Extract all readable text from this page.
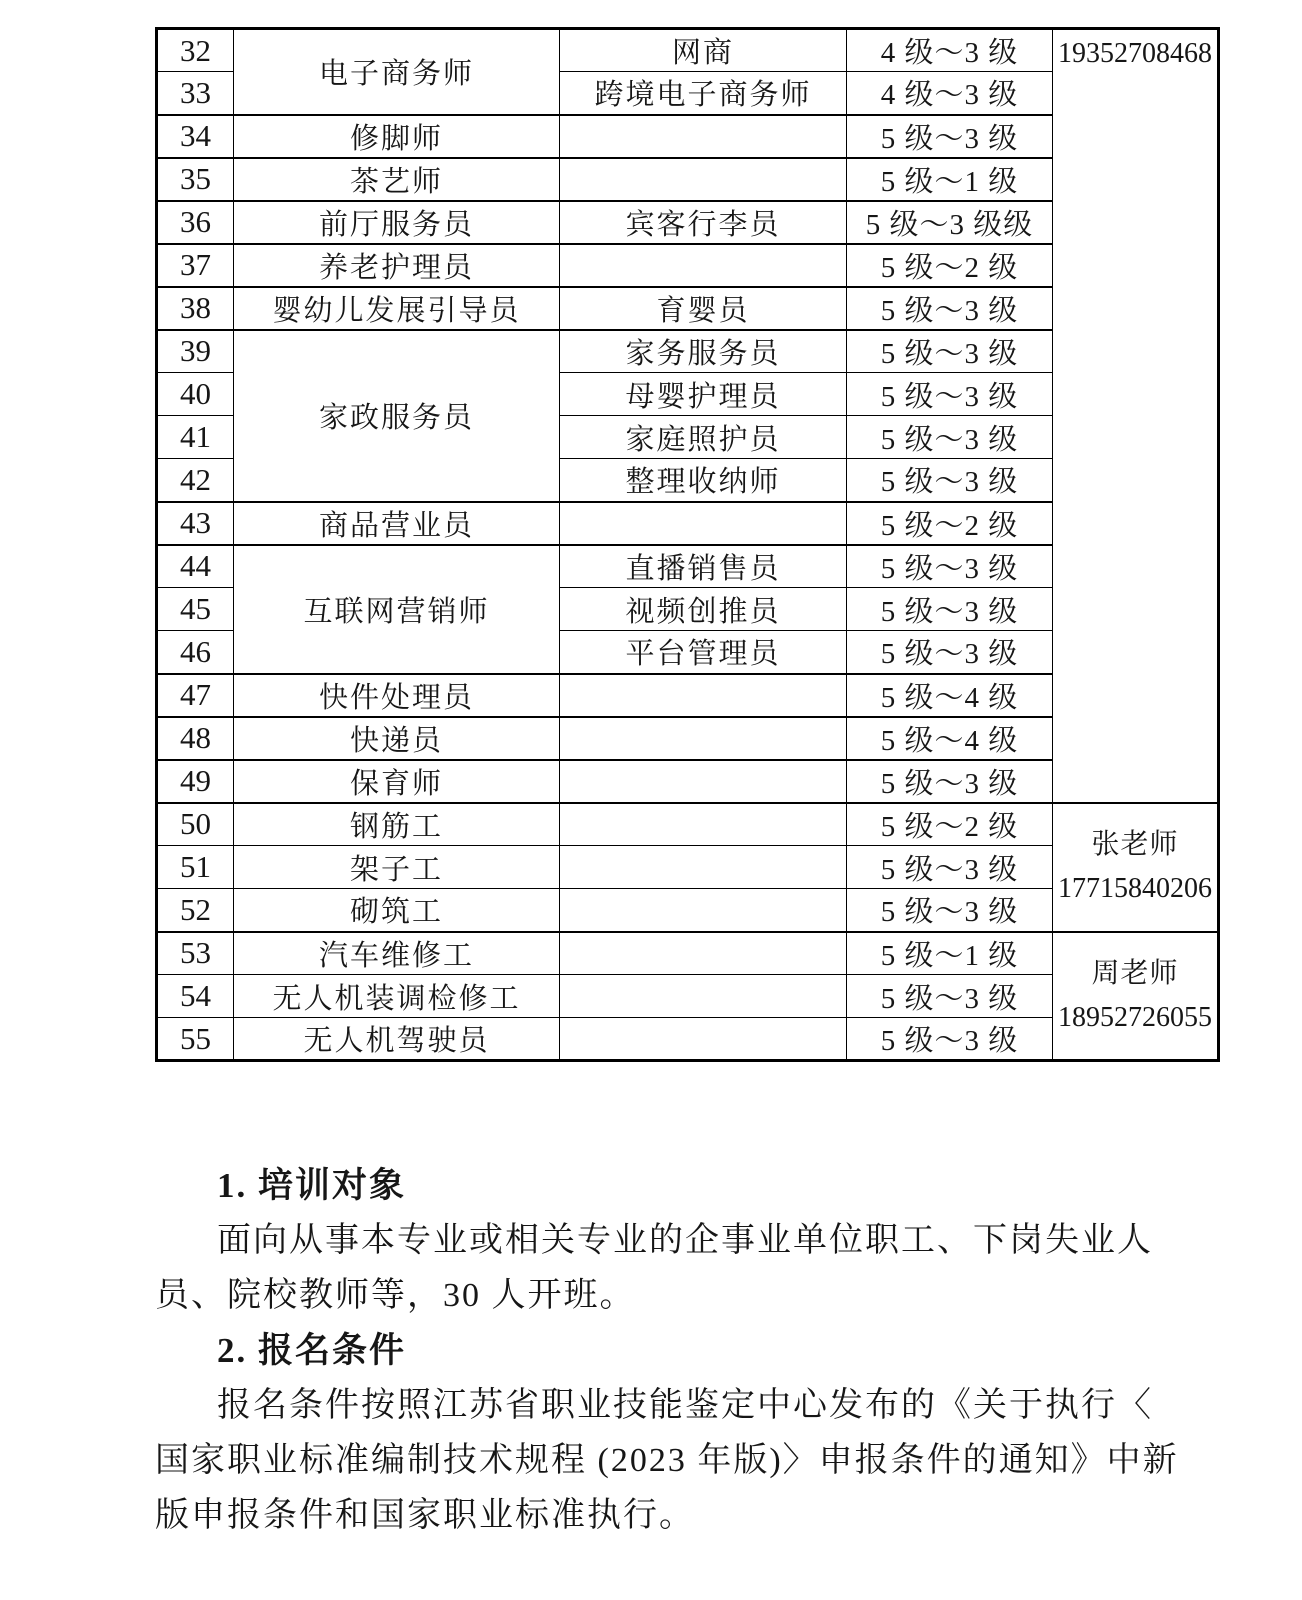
32	电子商务师	网商	4 级～3 级	19352708468

33		跨境电子商务师	4 级～3 级	
34	修脚师		5 级～3 级	
35	茶艺师		5 级～1 级	
36	前厅服务员	宾客行李员	5 级～3 级级	
37	养老护理员		5 级～2 级	
38	婴幼儿发展引导员	育婴员	5 级～3 级	
39	家政服务员	家务服务员	5 级～3 级	
40		母婴护理员	5 级～3 级	
41		家庭照护员	5 级～3 级	
42		整理收纳师	5 级～3 级	
43	商品营业员		5 级～2 级	
44	互联网营销师	直播销售员	5 级～3 级	
45		视频创推员	5 级～3 级	
46		平台管理员	5 级～3 级	
47	快件处理员		5 级～4 级	
48	快递员		5 级～4 级	
49	保育师		5 级～3 级	
50	钢筋工		5 级～2 级	张老师
17715840206

51	架子工		5 级～3 级	
52	砌筑工		5 级～3 级	
53	汽车维修工		5 级～1 级	周老师
18952726055

54	无人机装调检修工		5 级～3 级	
55	无人机驾驶员		5 级～3 级	
1. 培训对象
面向从事本专业或相关专业的企事业单位职工、下岗失业人
员、院校教师等，30 人开班。
2. 报名条件
报名条件按照江苏省职业技能鉴定中心发布的《关于执行〈
国家职业标准编制技术规程 (2023 年版)〉申报条件的通知》中新
版申报条件和国家职业标准执行。
